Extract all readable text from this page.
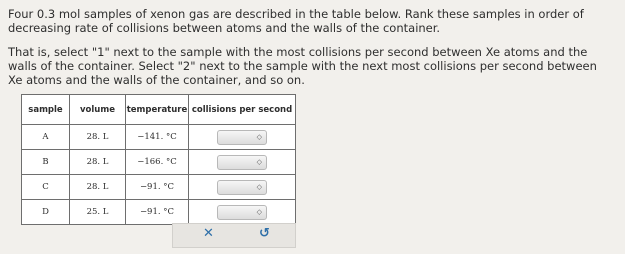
Four 0.3 mol samples of xenon gas are described in the table below. Rank these samples in order of decreasing rate of collisions between atoms and the walls of the container.
That is, select "1" next to the sample with the most collisions per second between Xe atoms and the walls of the container. Select "2" next to the sample with the next most collisions per second between Xe atoms and the walls of the container, and so on.
sample	volume	temperature	collisions per second
A	28. L	−141. °C	◇

B	28. L	−166. °C	◇

C	28. L	−91. °C	◇

D	25. L	−91. °C	◇
✕	↺
